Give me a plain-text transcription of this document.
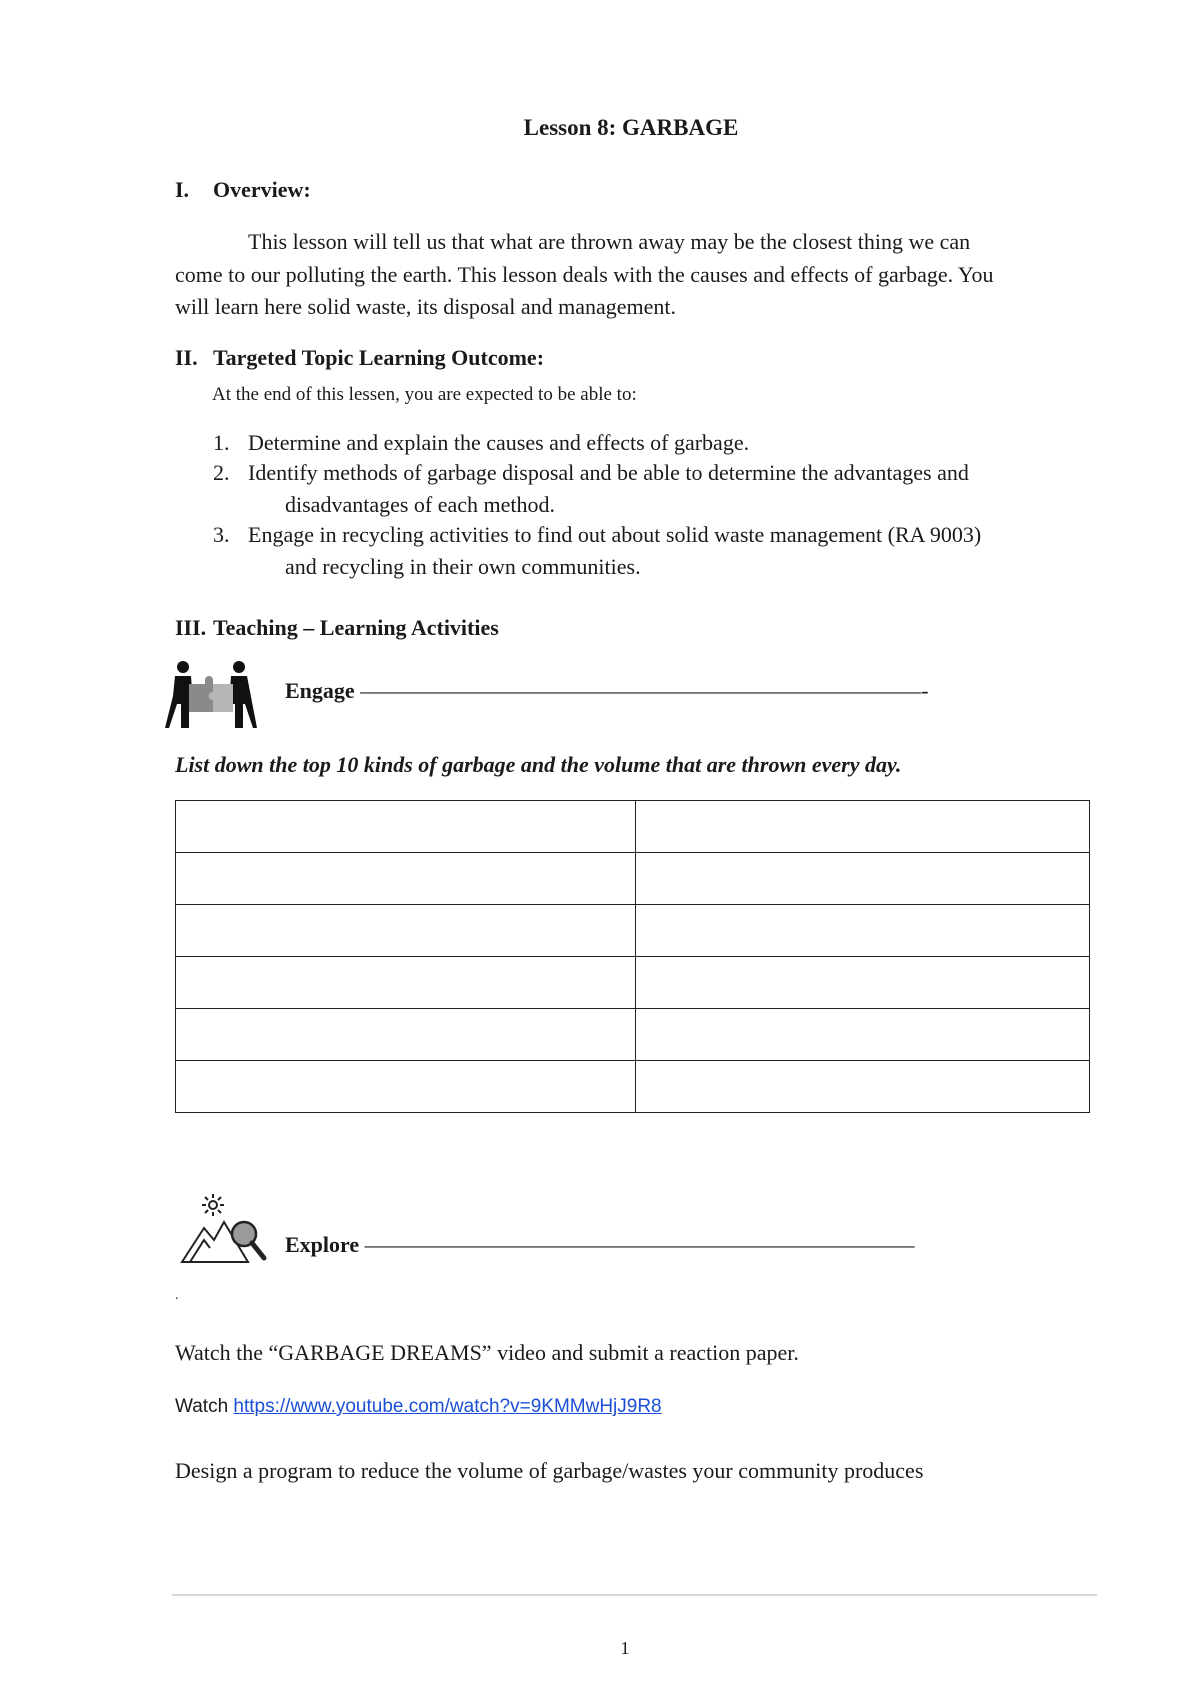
Lesson 8: GARBAGE
I. Overview:
This lesson will tell us that what are thrown away may be the closest thing we can
come to our polluting the earth. This lesson deals with the causes and effects of garbage. You
will learn here solid waste, its disposal and management.
II. Targeted Topic Learning Outcome:
At the end of this lessen, you are expected to be able to:
1. Determine and explain the causes and effects of garbage.
2. Identify methods of garbage disposal and be able to determine the advantages and
disadvantages of each method.
3. Engage in recycling activities to find out about solid waste management (RA 9003)
and recycling in their own communities.
III. Teaching – Learning Activities
Engage –––––––––––––––––––––––––––––––––––––––––––––––––––-
List down the top 10 kinds of garbage and the volume that are thrown every day.

Explore ––––––––––––––––––––––––––––––––––––––––––––––––––
.
Watch the “GARBAGE DREAMS” video and submit a reaction paper.
Watch https://www.youtube.com/watch?v=9KMMwHjJ9R8
Design a program to reduce the volume of garbage/wastes your community produces
1
